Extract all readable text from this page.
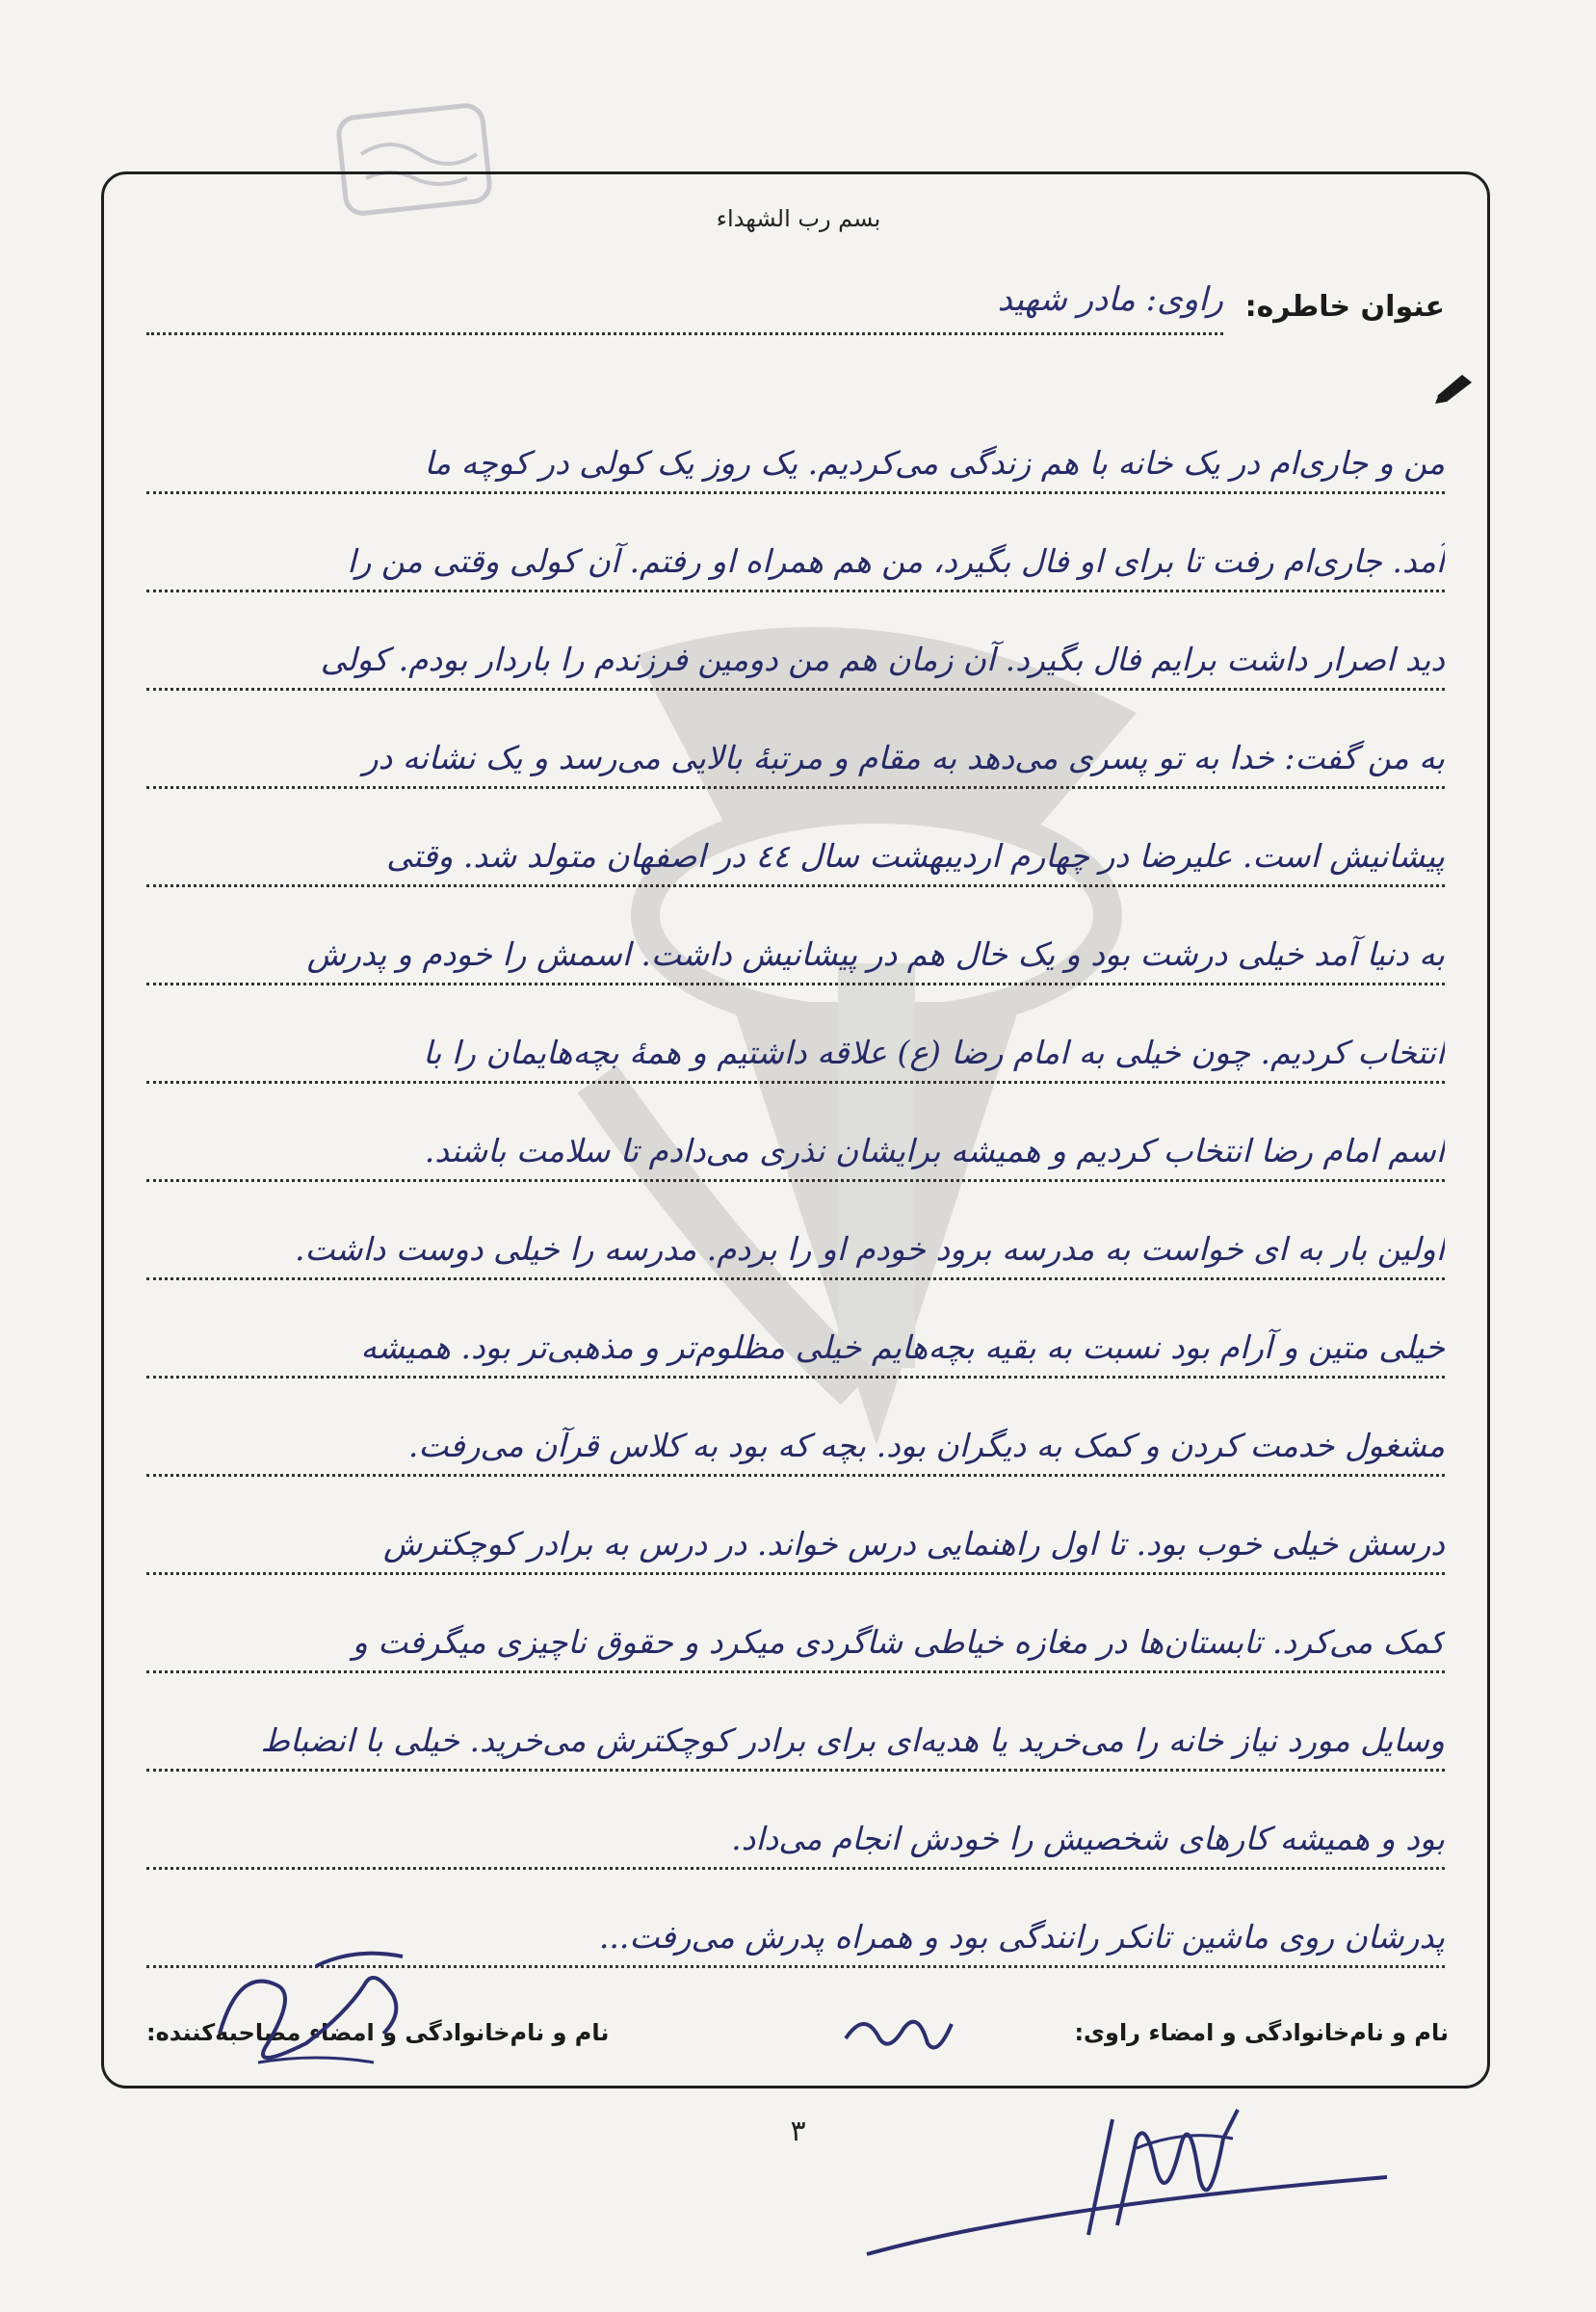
بسم رب الشهداء
عنوان خاطره:
راوی: مادر شهید
من و جاری‌ام در یک خانه با هم زندگی می‌کردیم. یک روز یک کولی در کوچه ما
آمد. جاری‌ام رفت تا برای او فال بگیرد، من هم همراه او رفتم. آن کولی وقتی من را
دید اصرار داشت برایم فال بگیرد. آن زمان هم من دومین فرزندم را باردار بودم. کولی
به من گفت: خدا به تو پسری می‌دهد به مقام و مرتبهٔ بالایی می‌رسد و یک نشانه در
پیشانیش است. علیرضا در چهارم اردیبهشت سال ٤٤ در اصفهان متولد شد. وقتی
به دنیا آمد خیلی درشت بود و یک خال هم در پیشانیش داشت. اسمش را خودم و پدرش
انتخاب کردیم. چون خیلی به امام رضا (ع) علاقه داشتیم و همهٔ بچه‌هایمان را با
اسم امام رضا انتخاب کردیم و همیشه برایشان نذری می‌دادم تا سلامت باشند.
اولین بار به ای خواست به مدرسه برود خودم او را بردم. مدرسه را خیلی دوست داشت.
خیلی متین و آرام بود نسبت به بقیه بچه‌هایم خیلی مظلوم‌تر و مذهبی‌تر بود. همیشه
مشغول خدمت کردن و کمک به دیگران بود. بچه که بود به کلاس قرآن می‌رفت.
درسش خیلی خوب بود. تا اول راهنمایی درس خواند. در درس به برادر کوچکترش
کمک می‌کرد. تابستان‌ها در مغازه خیاطی شاگردی میکرد و حقوق ناچیزی میگرفت و
وسایل مورد نیاز خانه را می‌خرید یا هدیه‌ای برای برادر کوچکترش می‌خرید. خیلی با انضباط
بود و همیشه کارهای شخصیش را خودش انجام می‌داد.
پدرشان روی ماشین تانکر رانندگی بود و همراه پدرش می‌رفت...
نام و نام‌خانوادگی و امضاء راوی:
نام و نام‌خانوادگی و امضاء مصاحبه‌کننده:
٣
